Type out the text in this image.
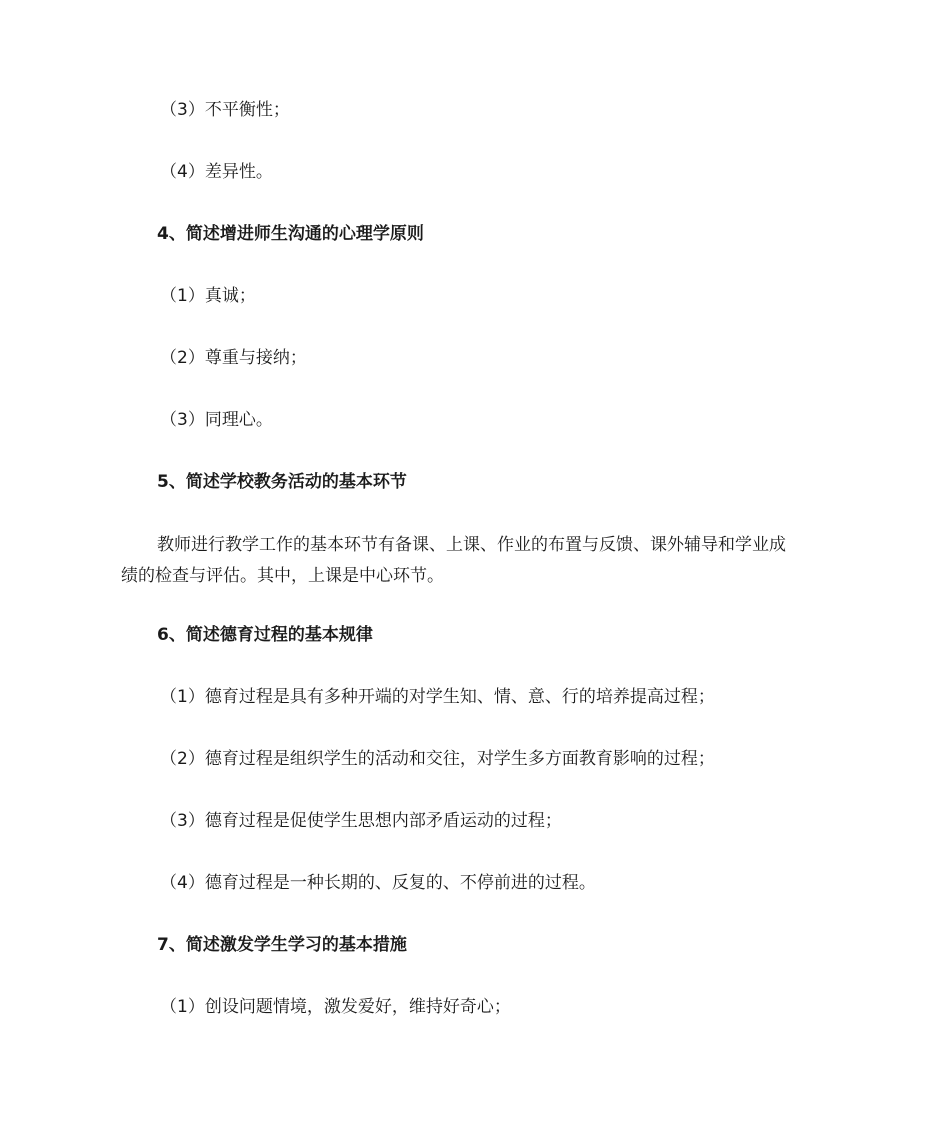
（3）不平衡性；
（4）差异性。
4、简述增进师生沟通的心理学原则
（1）真诚；
（2）尊重与接纳；
（3）同理心。
5、简述学校教务活动的基本环节
教师进行教学工作的基本环节有备课、上课、作业的布置与反馈、课外辅导和学业成
绩的检查与评估。其中，上课是中心环节。
6、简述德育过程的基本规律
（1）德育过程是具有多种开端的对学生知、情、意、行的培养提高过程；
（2）德育过程是组织学生的活动和交往，对学生多方面教育影响的过程；
（3）德育过程是促使学生思想内部矛盾运动的过程；
（4）德育过程是一种长期的、反复的、不停前进的过程。
7、简述激发学生学习的基本措施
（1）创设问题情境，激发爱好，维持好奇心；
